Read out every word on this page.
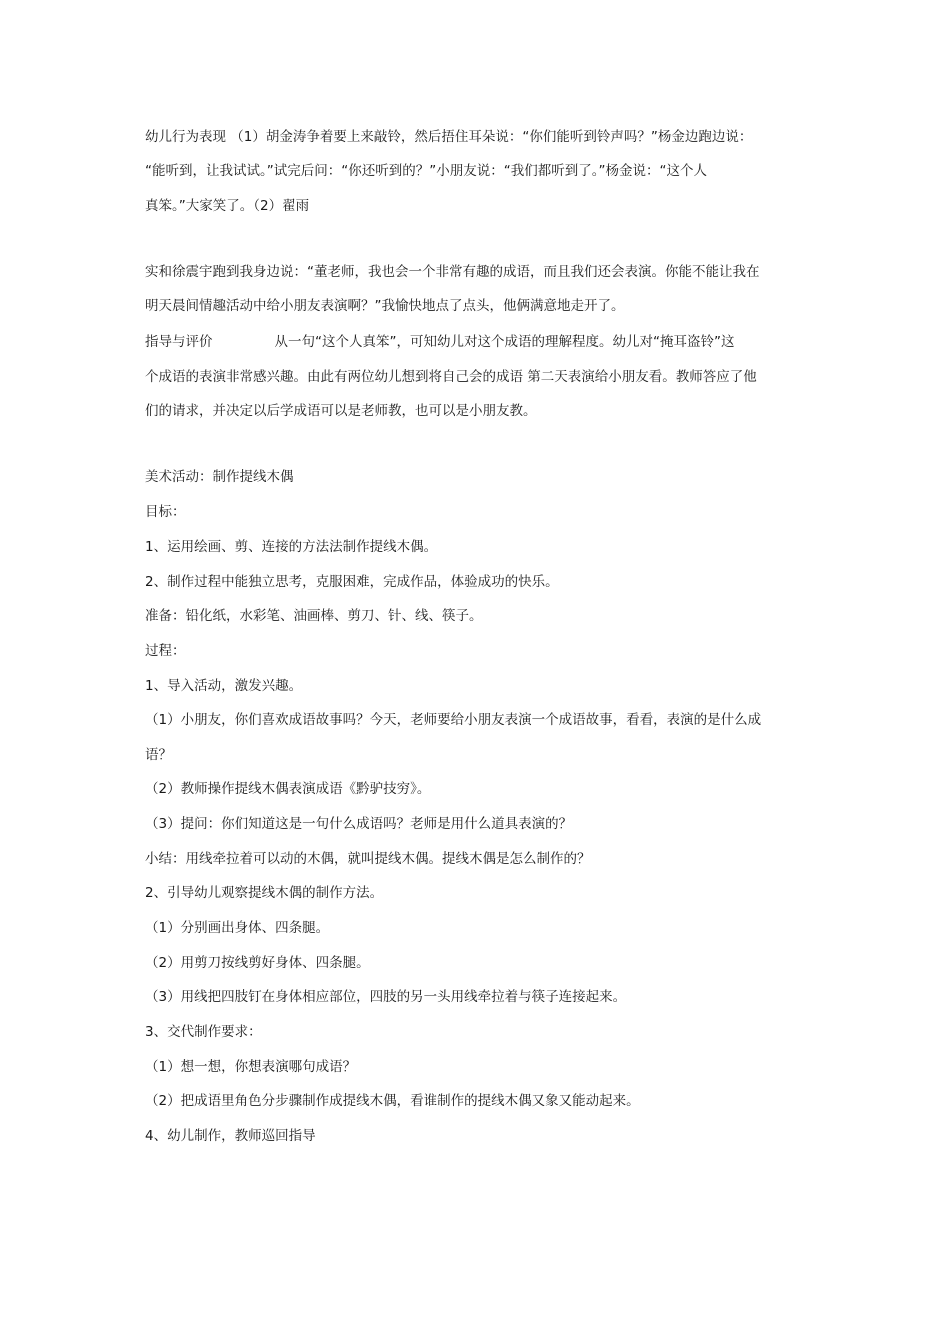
幼儿行为表现 （1）胡金涛争着要上来敲铃，然后捂住耳朵说：“你们能听到铃声吗？”杨金边跑边说：
“能听到，让我试试。”试完后问：“你还听到的？”小朋友说：“我们都听到了。”杨金说：“这个人
真笨。”大家笑了。（2）翟雨
实和徐震宇跑到我身边说：“董老师，我也会一个非常有趣的成语，而且我们还会表演。你能不能让我在
明天晨间情趣活动中给小朋友表演啊？”我愉快地点了点头，他俩满意地走开了。
指导与评价	从一句“这个人真笨”，可知幼儿对这个成语的理解程度。幼儿对“掩耳盗铃”这
个成语的表演非常感兴趣。由此有两位幼儿想到将自己会的成语 第二天表演给小朋友看。教师答应了他
们的请求，并决定以后学成语可以是老师教，也可以是小朋友教。
美术活动：制作提线木偶
目标：
1、运用绘画、剪、连接的方法法制作提线木偶。
2、制作过程中能独立思考，克服困难，完成作品，体验成功的快乐。
准备：铅化纸，水彩笔、油画棒、剪刀、针、线、筷子。
过程：
1、导入活动，激发兴趣。
（1）小朋友，你们喜欢成语故事吗？今天，老师要给小朋友表演一个成语故事，看看，表演的是什么成
语？
（2）教师操作提线木偶表演成语《黔驴技穷》。
（3）提问：你们知道这是一句什么成语吗？老师是用什么道具表演的？
小结：用线牵拉着可以动的木偶，就叫提线木偶。提线木偶是怎么制作的？
2、引导幼儿观察提线木偶的制作方法。
（1）分别画出身体、四条腿。
（2）用剪刀按线剪好身体、四条腿。
（3）用线把四肢钉在身体相应部位，四肢的另一头用线牵拉着与筷子连接起来。
3、交代制作要求：
（1）想一想，你想表演哪句成语？
（2）把成语里角色分步骤制作成提线木偶，看谁制作的提线木偶又象又能动起来。
4、幼儿制作，教师巡回指导
